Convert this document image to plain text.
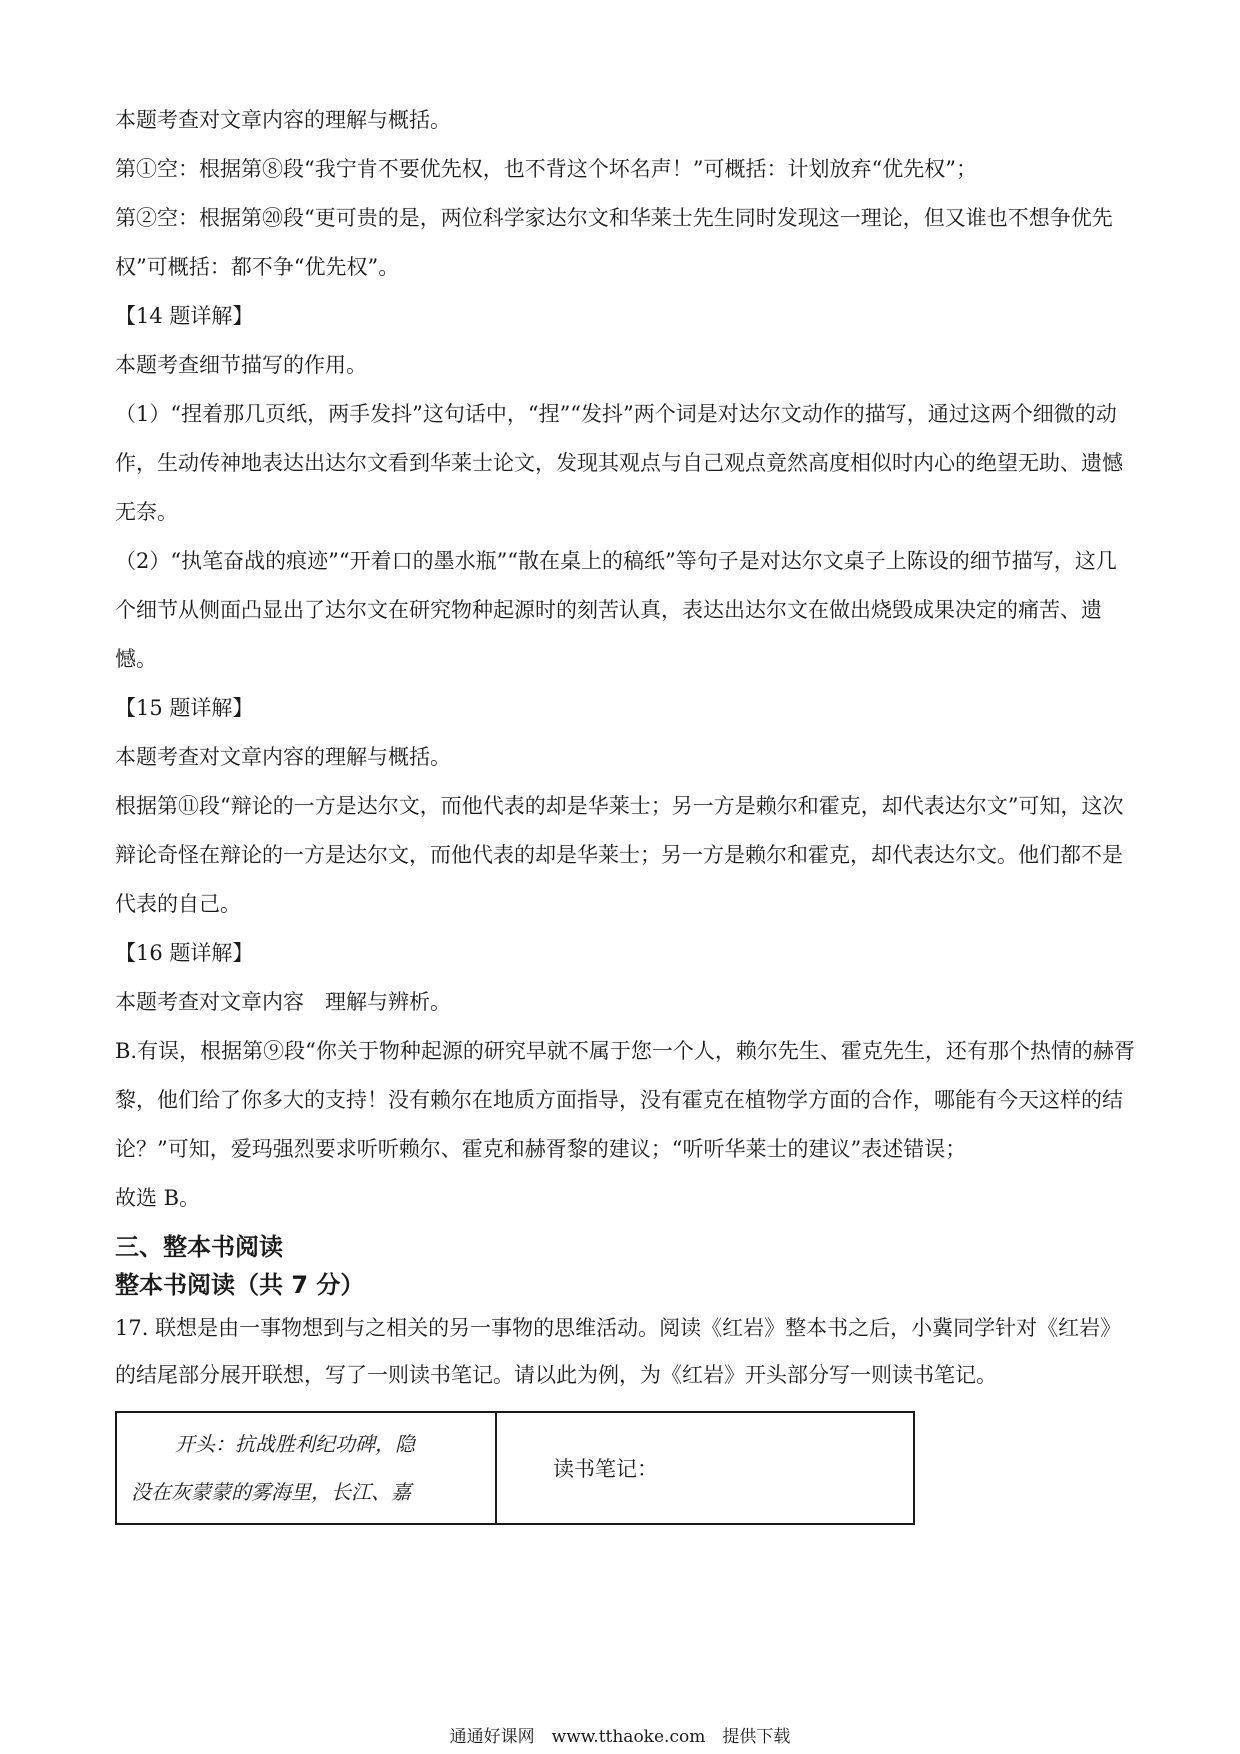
本题考查对文章内容的理解与概括。

第①空：根据第⑧段“我宁肯不要优先权，也不背这个坏名声！”可概括：计划放弃“优先权”；

第②空：根据第⑳段“更可贵的是，两位科学家达尔文和华莱士先生同时发现这一理论，但又谁也不想争优先权”可概括：都不争“优先权”。

【14 题详解】

本题考查细节描写的作用。

（1）“捏着那几页纸，两手发抖”这句话中，“捏”“发抖”两个词是对达尔文动作的描写，通过这两个细微的动作，生动传神地表达出达尔文看到华莱士论文，发现其观点与自己观点竟然高度相似时内心的绝望无助、遗憾无奈。

（2）“执笔奋战的痕迹”“开着口的墨水瓶”“散在桌上的稿纸”等句子是对达尔文桌子上陈设的细节描写，这几个细节从侧面凸显出了达尔文在研究物种起源时的刻苦认真，表达出达尔文在做出烧毁成果决定的痛苦、遗憾。

【15 题详解】

本题考查对文章内容的理解与概括。

根据第⑪段“辩论的一方是达尔文，而他代表的却是华莱士；另一方是赖尔和霍克，却代表达尔文”可知，这次辩论奇怪在辩论的一方是达尔文，而他代表的却是华莱士；另一方是赖尔和霍克，却代表达尔文。他们都不是代表的自己。

【16 题详解】

本题考查对文章内容　理解与辨析。

B.有误，根据第⑨段“你关于物种起源的研究早就不属于您一个人，赖尔先生、霍克先生，还有那个热情的赫胥黎，他们给了你多大的支持！没有赖尔在地质方面指导，没有霍克在植物学方面的合作，哪能有今天这样的结论？”可知，爱玛强烈要求听听赖尔、霍克和赫胥黎的建议；“听听华莱士的建议”表述错误；

故选 B。

三、整本书阅读
整本书阅读（共 7 分）

17. 联想是由一事物想到与之相关的另一事物的思维活动。阅读《红岩》整本书之后，小冀同学针对《红岩》的结尾部分展开联想，写了一则读书笔记。请以此为例，为《红岩》开头部分写一则读书笔记。

开头：抗战胜利纪功碑，隐
没在灰蒙蒙的雾海里，长江、嘉
	读书笔记：
通通好课网　www.tthaoke.com　提供下载
